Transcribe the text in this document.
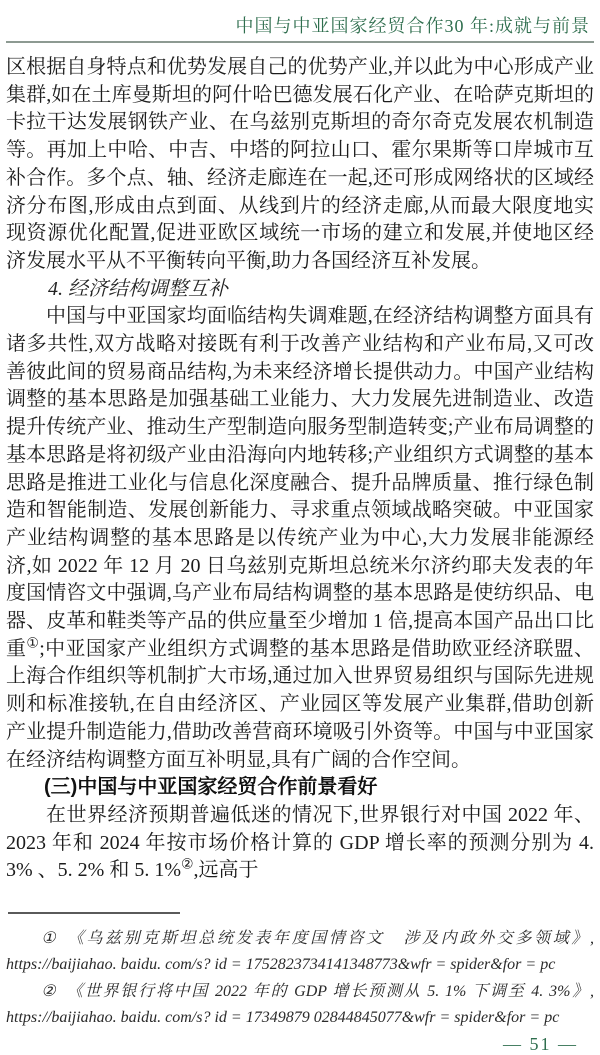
中国与中亚国家经贸合作30 年:成就与前景

区根据自身特点和优势发展自己的优势产业,并以此为中心形成产业集群,如在土库曼斯坦的阿什哈巴德发展石化产业、在哈萨克斯坦的卡拉干达发展钢铁产业、在乌兹别克斯坦的奇尔奇克发展农机制造等。再加上中哈、中吉、中塔的阿拉山口、霍尔果斯等口岸城市互补合作。多个点、轴、经济走廊连在一起,还可形成网络状的区域经济分布图,形成由点到面、从线到片的经济走廊,从而最大限度地实现资源优化配置,促进亚欧区域统一市场的建立和发展,并使地区经济发展水平从不平衡转向平衡,助力各国经济互补发展。

4. 经济结构调整互补

中国与中亚国家均面临结构失调难题,在经济结构调整方面具有诸多共性,双方战略对接既有利于改善产业结构和产业布局,又可改善彼此间的贸易商品结构,为未来经济增长提供动力。中国产业结构调整的基本思路是加强基础工业能力、大力发展先进制造业、改造提升传统产业、推动生产型制造向服务型制造转变;产业布局调整的基本思路是将初级产业由沿海向内地转移;产业组织方式调整的基本思路是推进工业化与信息化深度融合、提升品牌质量、推行绿色制造和智能制造、发展创新能力、寻求重点领域战略突破。中亚国家产业结构调整的基本思路是以传统产业为中心,大力发展非能源经济,如 2022 年 12 月 20 日乌兹别克斯坦总统米尔济约耶夫发表的年度国情咨文中强调,乌产业布局结构调整的基本思路是使纺织品、电器、皮革和鞋类等产品的供应量至少增加 1 倍,提高本国产品出口比重①;中亚国家产业组织方式调整的基本思路是借助欧亚经济联盟、上海合作组织等机制扩大市场,通过加入世界贸易组织与国际先进规则和标准接轨,在自由经济区、产业园区等发展产业集群,借助创新产业提升制造能力,借助改善营商环境吸引外资等。中国与中亚国家在经济结构调整方面互补明显,具有广阔的合作空间。

(三)中国与中亚国家经贸合作前景看好

在世界经济预期普遍低迷的情况下,世界银行对中国 2022 年、2023 年和 2024 年按市场价格计算的 GDP 增长率的预测分别为 4. 3% 、5. 2% 和 5. 1%②,远高于

① 《乌兹别克斯坦总统发表年度国情咨文　涉及内政外交多领域》, https://baijiahao. baidu. com/s? id = 1752823734141348773&wfr = spider&for = pc

② 《世界银行将中国 2022 年的 GDP 增长预测从 5. 1% 下调至 4. 3%》, https://baijiahao. baidu. com/s? id = 17349879 02844845077&wfr = spider&for = pc

— 51 —
